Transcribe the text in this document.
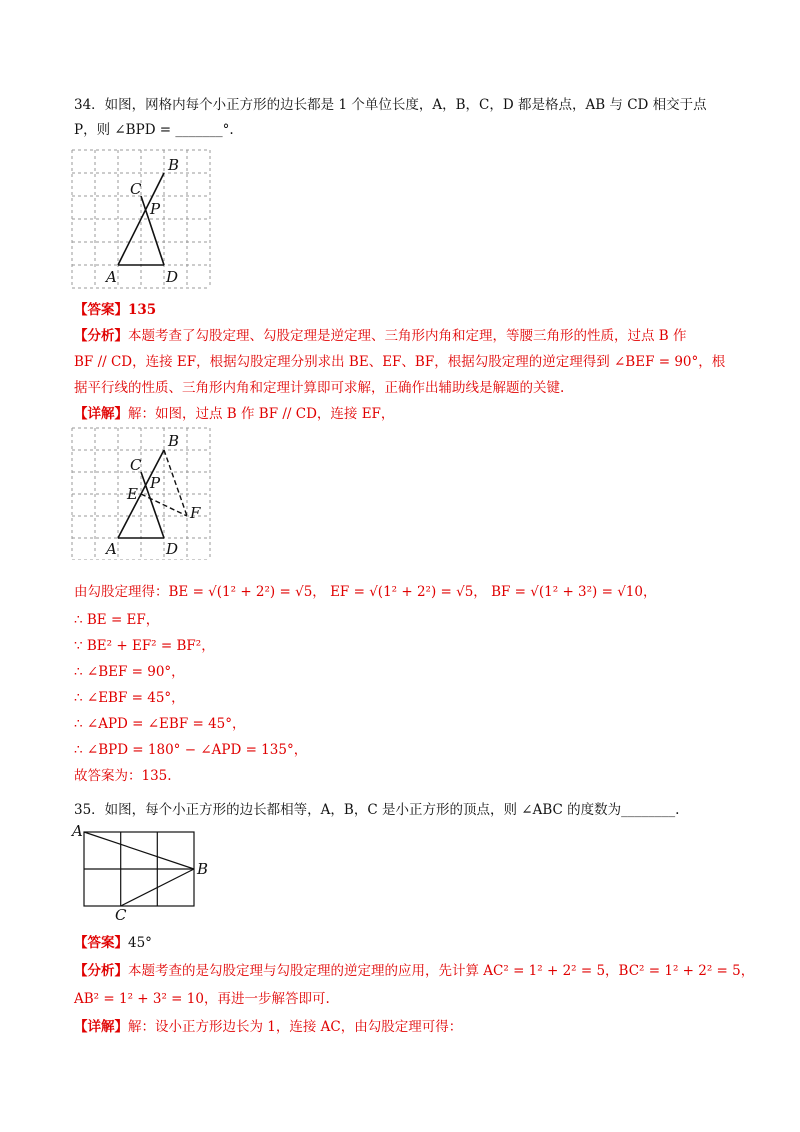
34．如图，网格内每个小正方形的边长都是 1 个单位长度，A，B，C，D 都是格点，AB 与 CD 相交于点
P，则 ∠BPD = _______°.
B
C
P
A	D
【答案】135
【分析】本题考查了勾股定理、勾股定理是逆定理、三角形内角和定理，等腰三角形的性质，过点 B 作
BF // CD，连接 EF，根据勾股定理分别求出 BE、EF、BF，根据勾股定理的逆定理得到 ∠BEF = 90°，根
据平行线的性质、三角形内角和定理计算即可求解，正确作出辅助线是解题的关键.
【详解】解：如图，过点 B 作 BF // CD，连接 EF，
B
C
E
P
F
A	D
由勾股定理得：BE = √(1² + 2²) = √5， EF = √(1² + 2²) = √5， BF = √(1² + 3²) = √10，
∴ BE = EF，
∵ BE² + EF² = BF²，
∴ ∠BEF = 90°，
∴ ∠EBF = 45°，
∴ ∠APD = ∠EBF = 45°，
∴ ∠BPD = 180° − ∠APD = 135°，
故答案为：135.
35．如图，每个小正方形的边长都相等，A，B，C 是小正方形的顶点，则 ∠ABC 的度数为________.
A
B
C
【答案】45°
【分析】本题考查的是勾股定理与勾股定理的逆定理的应用，先计算 AC² = 1² + 2² = 5，BC² = 1² + 2² = 5，
AB² = 1² + 3² = 10，再进一步解答即可.
【详解】解：设小正方形边长为 1，连接 AC，由勾股定理可得：
